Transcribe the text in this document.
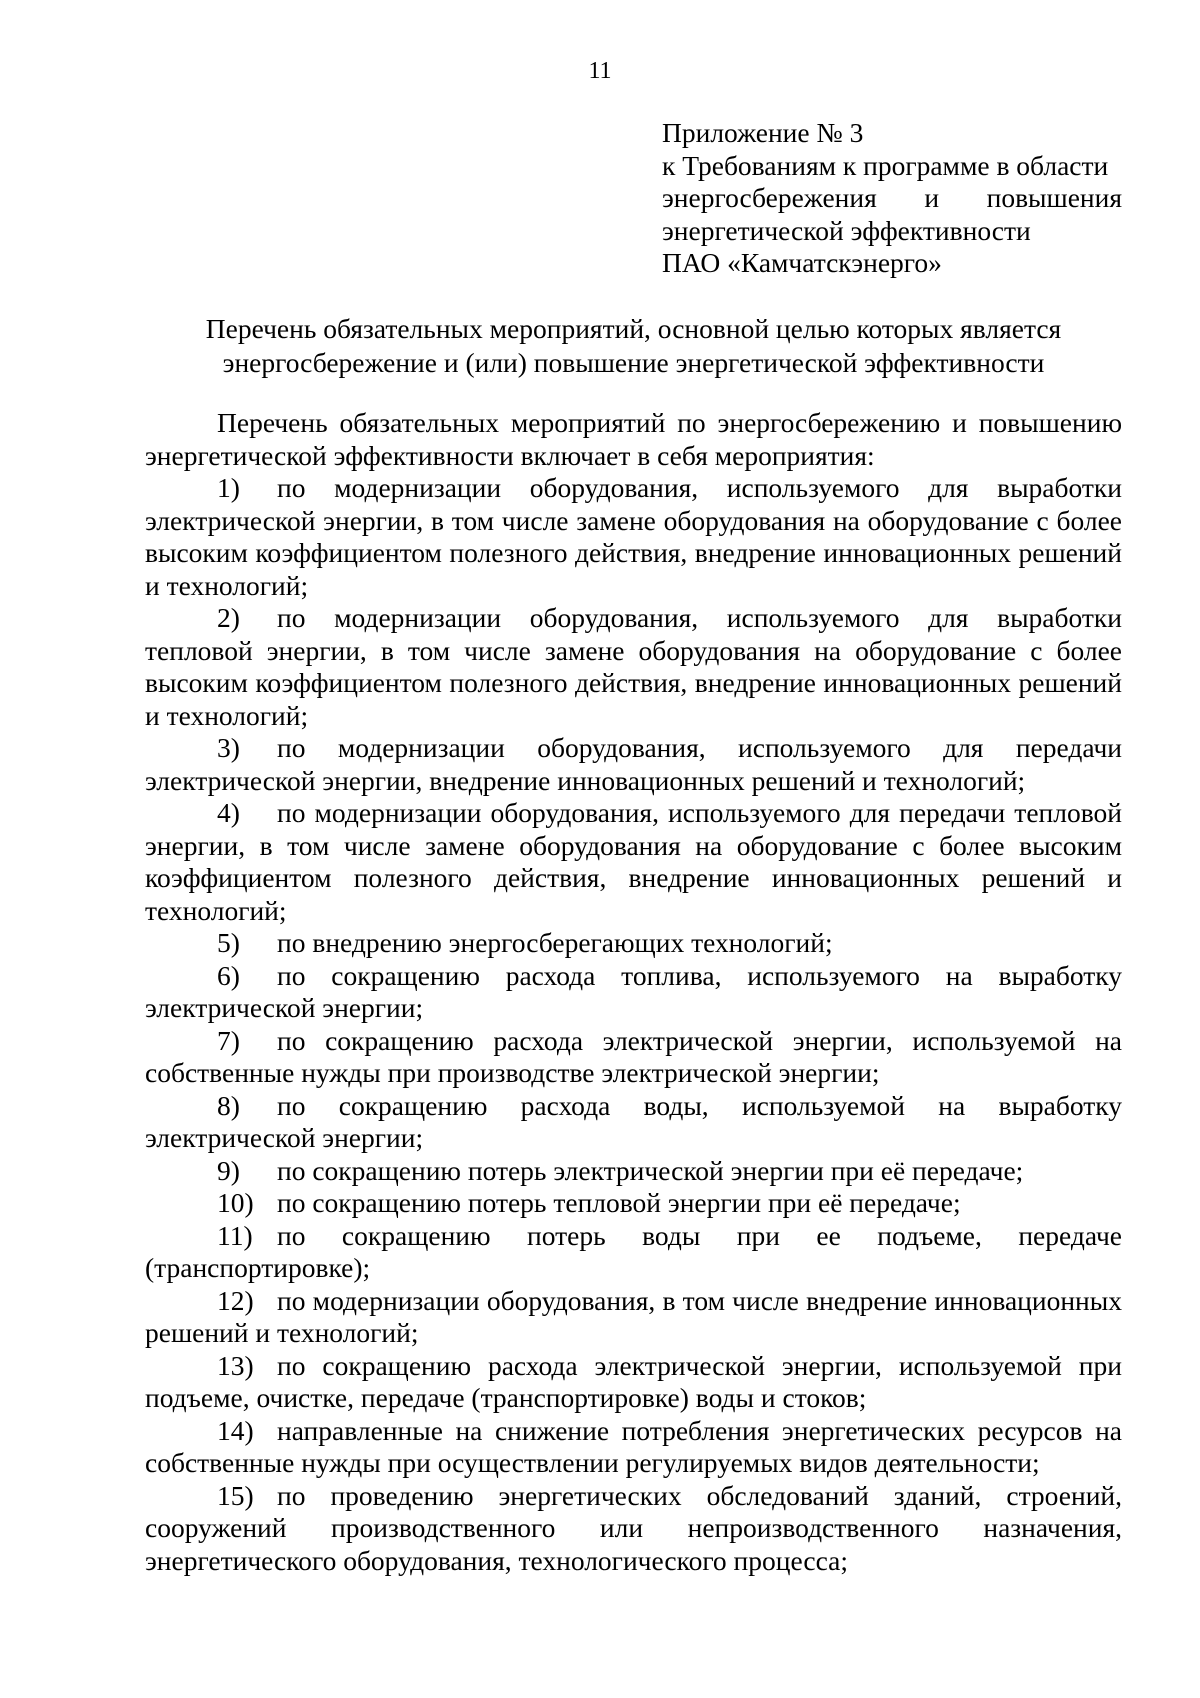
11
Приложение № 3
к Требованиям к программе в области
энергосбережения и повышения
энергетической эффективности
ПАО «Камчатскэнерго»
Перечень обязательных мероприятий, основной целью которых является
энергосбережение и (или) повышение энергетической эффективности

Перечень обязательных мероприятий по энергосбережению и повышению энергетической эффективности включает в себя мероприятия:

1) по модернизации оборудования, используемого для выработки электрической энергии, в том числе замене оборудования на оборудование с более высоким коэффициентом полезного действия, внедрение инновационных решений и технологий;

2) по модернизации оборудования, используемого для выработки тепловой энергии, в том числе замене оборудования на оборудование с более высоким коэффициентом полезного действия, внедрение инновационных решений и технологий;

3) по модернизации оборудования, используемого для передачи электрической энергии, внедрение инновационных решений и технологий;

4) по модернизации оборудования, используемого для передачи тепловой энергии, в том числе замене оборудования на оборудование с более высоким коэффициентом полезного действия, внедрение инновационных решений и технологий;

5) по внедрению энергосберегающих технологий;

6) по сокращению расхода топлива, используемого на выработку электрической энергии;

7) по сокращению расхода электрической энергии, используемой на собственные нужды при производстве электрической энергии;

8) по сокращению расхода воды, используемой на выработку электрической энергии;

9) по сокращению потерь электрической энергии при её передаче;

10) по сокращению потерь тепловой энергии при её передаче;

11) по сокращению потерь воды при ее подъеме, передаче (транспортировке);

12) по модернизации оборудования, в том числе внедрение инновационных решений и технологий;

13) по сокращению расхода электрической энергии, используемой при подъеме, очистке, передаче (транспортировке) воды и стоков;

14) направленные на снижение потребления энергетических ресурсов на собственные нужды при осуществлении регулируемых видов деятельности;

15) по проведению энергетических обследований зданий, строений, сооружений производственного или непроизводственного назначения, энергетического оборудования, технологического процесса;
